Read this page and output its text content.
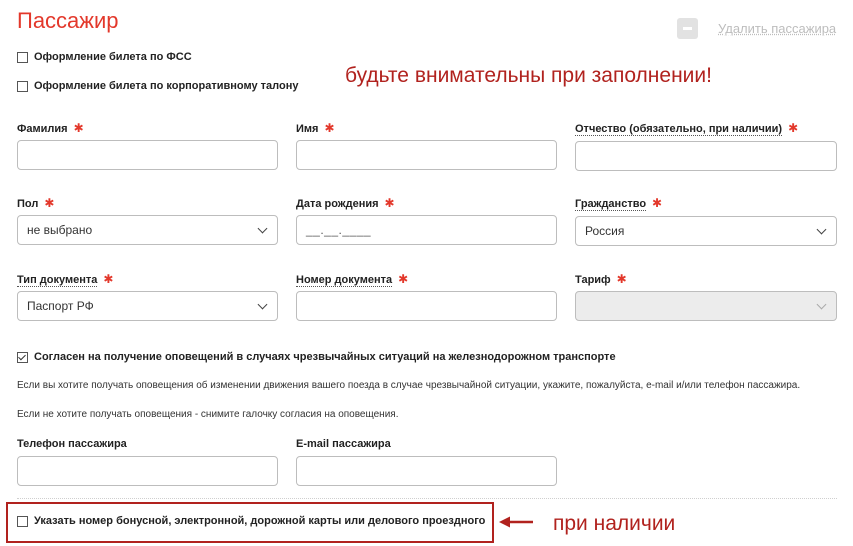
Пассажир	Удалить пассажира
будьте внимательны при заполнении!
Оформление билета по ФСС
Оформление билета по корпоративному талону
Фамилия ✱	Имя ✱	Отчество (обязательно, при наличии) ✱
Пол ✱	Дата рождения ✱	Гражданство ✱
не выбрано	__.__.____	Россия
Тип документа ✱	Номер документа ✱	Тариф ✱
Паспорт РФ
Согласен на получение оповещений в случаях чрезвычайных ситуаций на железнодорожном транспорте
Если вы хотите получать оповещения об изменении движения вашего поезда в случае чрезвычайной ситуации, укажите, пожалуйста, e-mail и/или телефон пассажира.
Если не хотите получать оповещения - снимите галочку согласия на оповещения.
Телефон пассажира	E-mail пассажира
Указать номер бонусной, электронной, дорожной карты или делового проездного	при наличии
